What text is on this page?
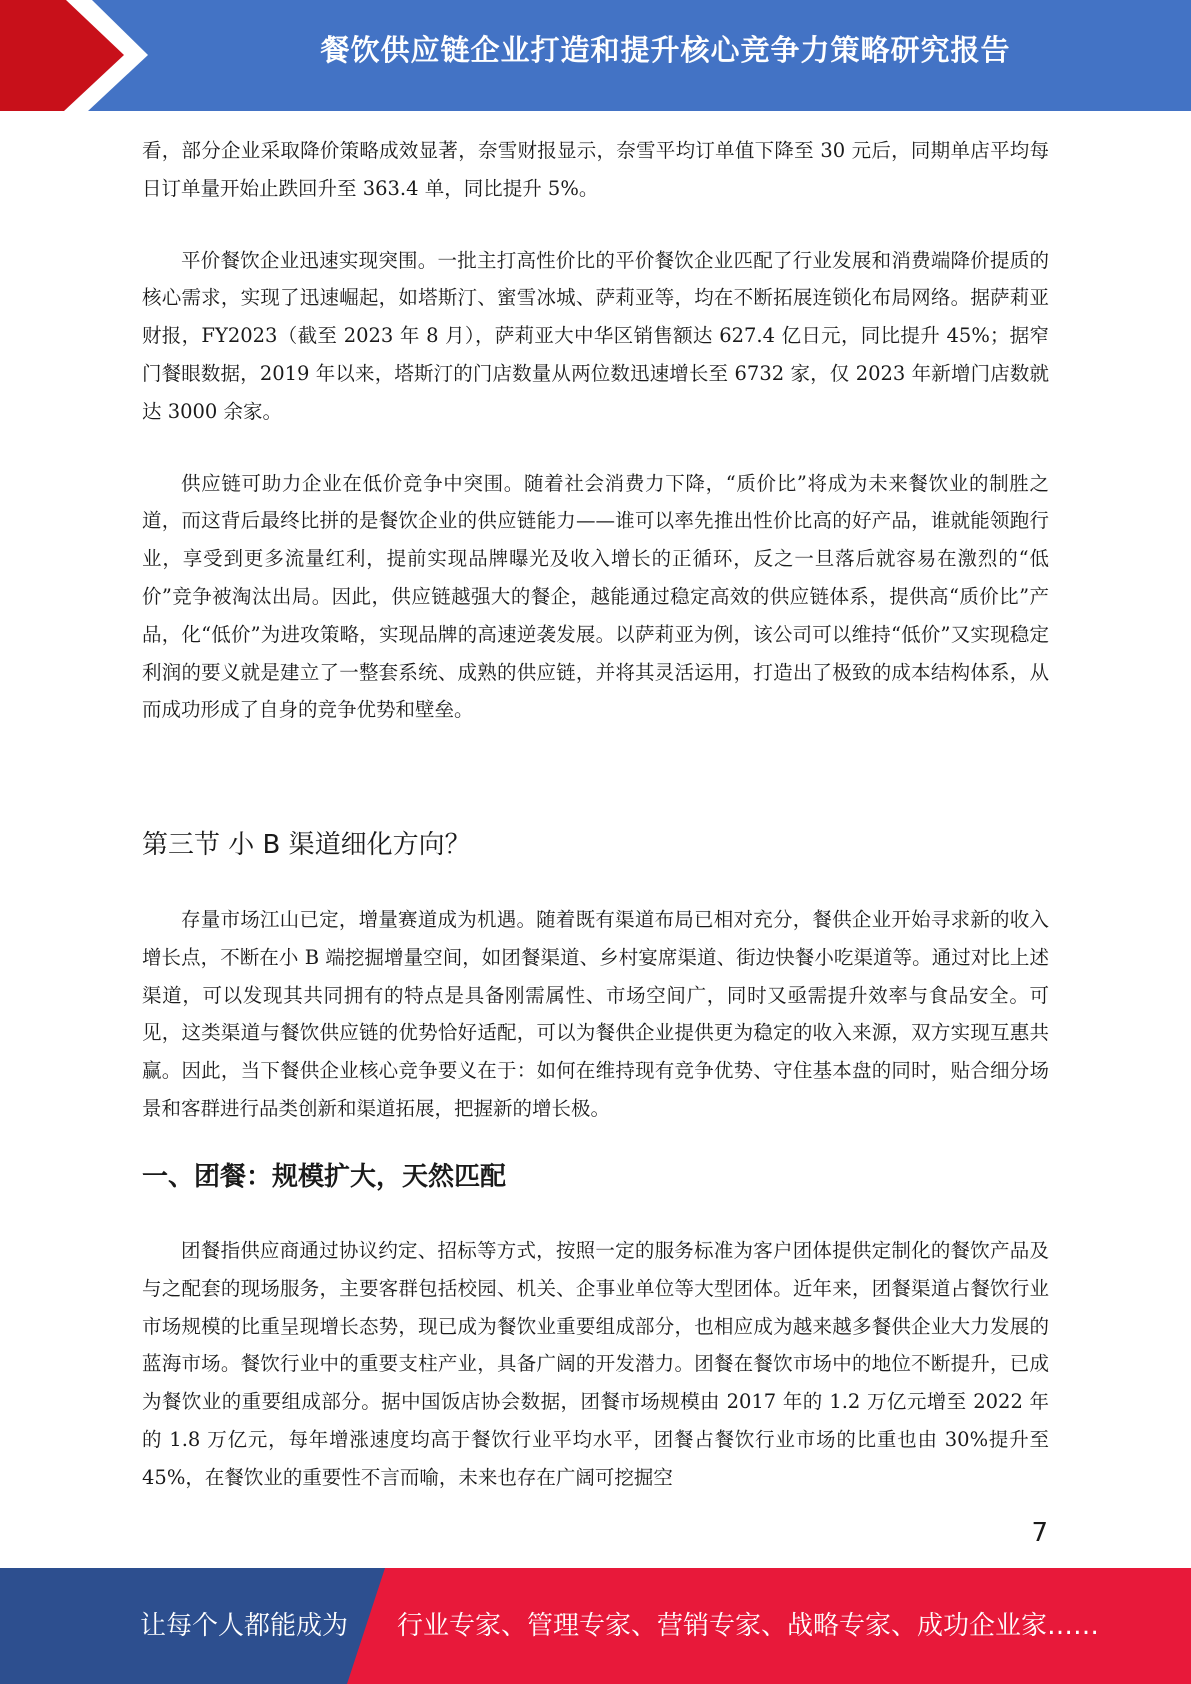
餐饮供应链企业打造和提升核心竞争力策略研究报告

看，部分企业采取降价策略成效显著，奈雪财报显示，奈雪平均订单值下降至 30 元后，同期单店平均每日订单量开始止跌回升至 363.4 单，同比提升 5%。

平价餐饮企业迅速实现突围。一批主打高性价比的平价餐饮企业匹配了行业发展和消费端降价提质的核心需求，实现了迅速崛起，如塔斯汀、蜜雪冰城、萨莉亚等，均在不断拓展连锁化布局网络。据萨莉亚财报，FY2023（截至 2023 年 8 月），萨莉亚大中华区销售额达 627.4 亿日元，同比提升 45%；据窄门餐眼数据，2019 年以来，塔斯汀的门店数量从两位数迅速增长至 6732 家，仅 2023 年新增门店数就达 3000 余家。

供应链可助力企业在低价竞争中突围。随着社会消费力下降，“质价比”将成为未来餐饮业的制胜之道，而这背后最终比拼的是餐饮企业的供应链能力——谁可以率先推出性价比高的好产品，谁就能领跑行业，享受到更多流量红利，提前实现品牌曝光及收入增长的正循环，反之一旦落后就容易在激烈的“低价”竞争被淘汰出局。因此，供应链越强大的餐企，越能通过稳定高效的供应链体系，提供高“质价比”产品，化“低价”为进攻策略，实现品牌的高速逆袭发展。以萨莉亚为例，该公司可以维持“低价”又实现稳定利润的要义就是建立了一整套系统、成熟的供应链，并将其灵活运用，打造出了极致的成本结构体系，从而成功形成了自身的竞争优势和壁垒。

第三节 小 B 渠道细化方向？

存量市场江山已定，增量赛道成为机遇。随着既有渠道布局已相对充分，餐供企业开始寻求新的收入增长点，不断在小 B 端挖掘增量空间，如团餐渠道、乡村宴席渠道、街边快餐小吃渠道等。通过对比上述渠道，可以发现其共同拥有的特点是具备刚需属性、市场空间广，同时又亟需提升效率与食品安全。可见，这类渠道与餐饮供应链的优势恰好适配，可以为餐供企业提供更为稳定的收入来源，双方实现互惠共赢。因此，当下餐供企业核心竞争要义在于：如何在维持现有竞争优势、守住基本盘的同时，贴合细分场景和客群进行品类创新和渠道拓展，把握新的增长极。

一、团餐：规模扩大，天然匹配

团餐指供应商通过协议约定、招标等方式，按照一定的服务标准为客户团体提供定制化的餐饮产品及与之配套的现场服务，主要客群包括校园、机关、企事业单位等大型团体。近年来，团餐渠道占餐饮行业市场规模的比重呈现增长态势，现已成为餐饮业重要组成部分，也相应成为越来越多餐供企业大力发展的蓝海市场。餐饮行业中的重要支柱产业，具备广阔的开发潜力。团餐在餐饮市场中的地位不断提升，已成为餐饮业的重要组成部分。据中国饭店协会数据，团餐市场规模由 2017 年的 1.2 万亿元增至 2022 年的 1.8 万亿元，每年增涨速度均高于餐饮行业平均水平，团餐占餐饮行业市场的比重也由 30%提升至 45%，在餐饮业的重要性不言而喻，未来也存在广阔可挖掘空

7
让每个人都能成为 行业专家、管理专家、营销专家、战略专家、成功企业家……
